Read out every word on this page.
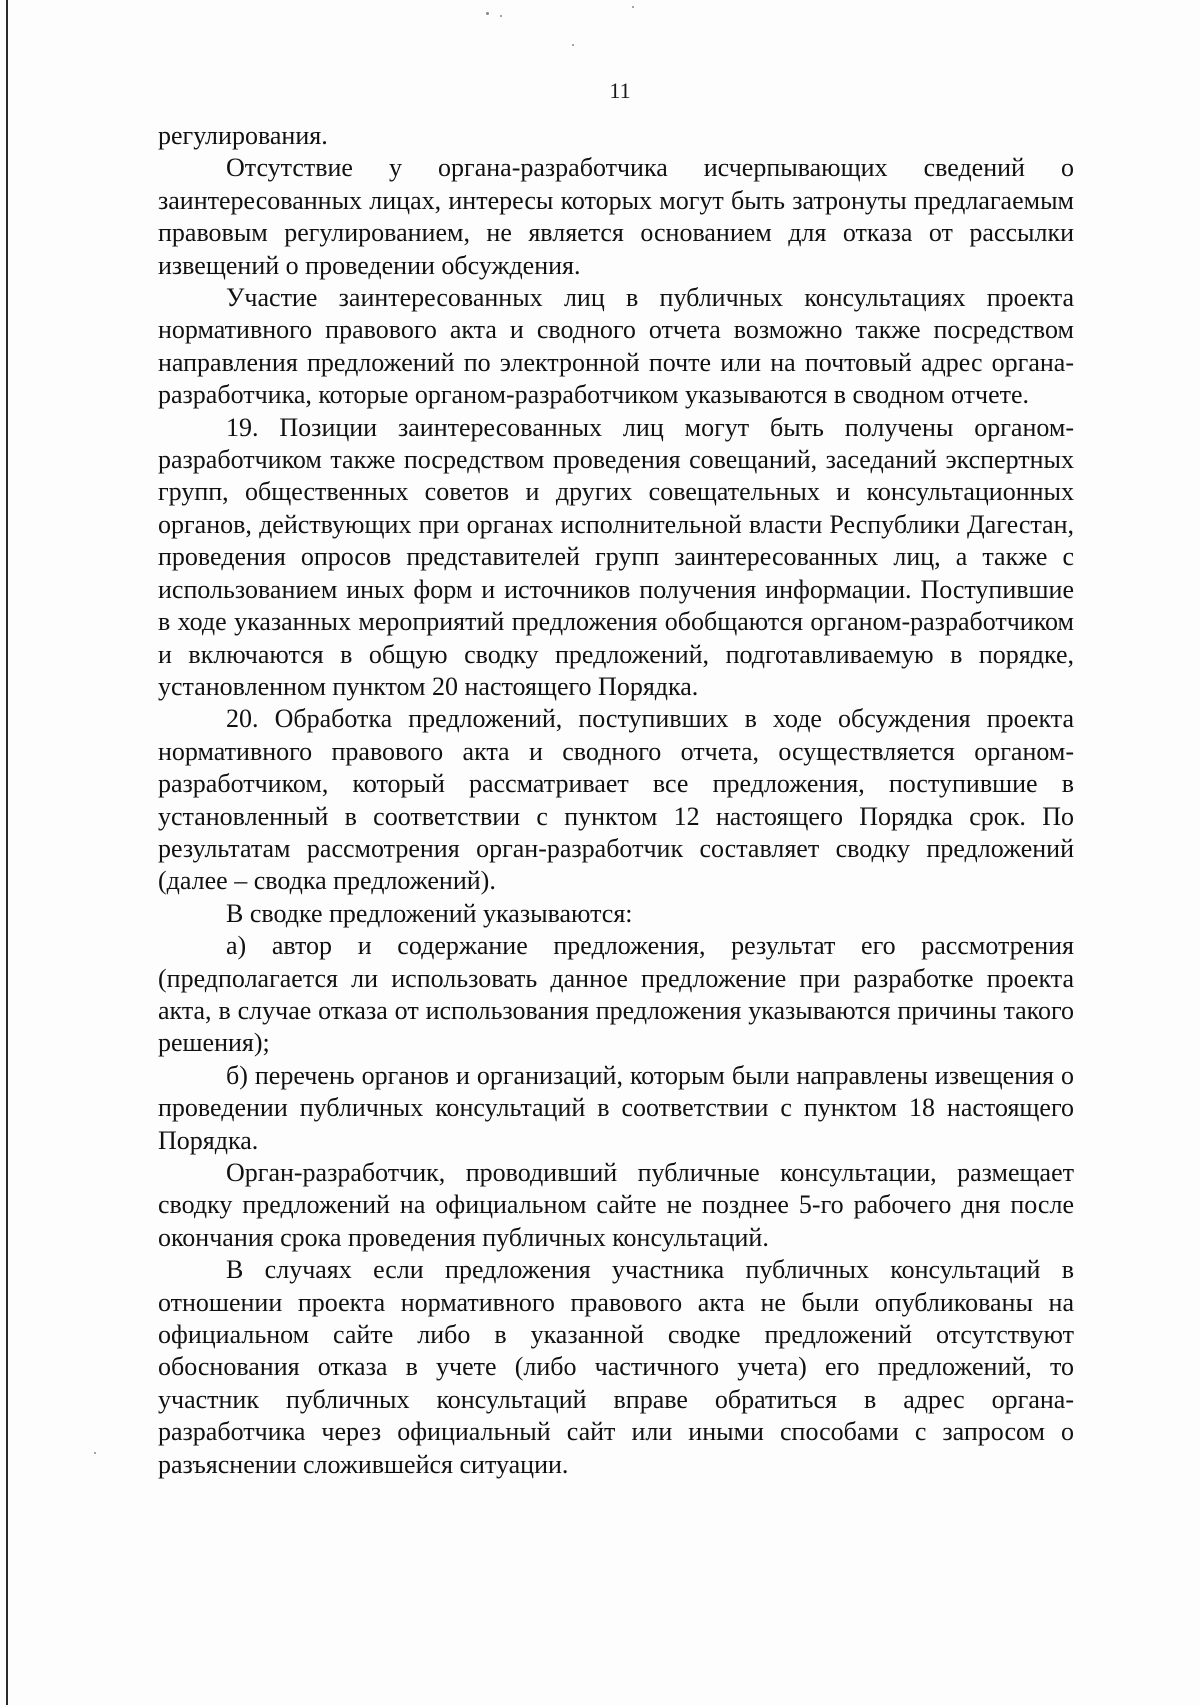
11

регулирования.

Отсутствие у органа-разработчика исчерпывающих сведений о заинтересованных лицах, интересы которых могут быть затронуты предлагаемым правовым регулированием, не является основанием для отказа от рассылки извещений о проведении обсуждения.

Участие заинтересованных лиц в публичных консультациях проекта нормативного правового акта и сводного отчета возможно также посредством направления предложений по электронной почте или на почтовый адрес органа-разработчика, которые органом-разработчиком указываются в сводном отчете.

19. Позиции заинтересованных лиц могут быть получены органом-разработчиком также посредством проведения совещаний, заседаний экспертных групп, общественных советов и других совещательных и консультационных органов, действующих при органах исполнительной власти Республики Дагестан, проведения опросов представителей групп заинтересованных лиц, а также с использованием иных форм и источников получения информации. Поступившие в ходе указанных мероприятий предложения обобщаются органом-разработчиком и включаются в общую сводку предложений, подготавливаемую в порядке, установленном пунктом 20 настоящего Порядка.

20. Обработка предложений, поступивших в ходе обсуждения проекта нормативного правового акта и сводного отчета, осуществляется органом-разработчиком, который рассматривает все предложения, поступившие в установленный в соответствии с пунктом 12 настоящего Порядка срок. По результатам рассмотрения орган-разработчик составляет сводку предложений (далее – сводка предложений).

В сводке предложений указываются:

а) автор и содержание предложения, результат его рассмотрения (предполагается ли использовать данное предложение при разработке проекта акта, в случае отказа от использования предложения указываются причины такого решения);

б) перечень органов и организаций, которым были направлены извещения о проведении публичных консультаций в соответствии с пунктом 18 настоящего Порядка.

Орган-разработчик, проводивший публичные консультации, размещает сводку предложений на официальном сайте не позднее 5-го рабочего дня после окончания срока проведения публичных консультаций.

В случаях если предложения участника публичных консультаций в отношении проекта нормативного правового акта не были опубликованы на официальном сайте либо в указанной сводке предложений отсутствуют обоснования отказа в учете (либо частичного учета) его предложений, то участник публичных консультаций вправе обратиться в адрес органа-разработчика через официальный сайт или иными способами с запросом о разъяснении сложившейся ситуации.
